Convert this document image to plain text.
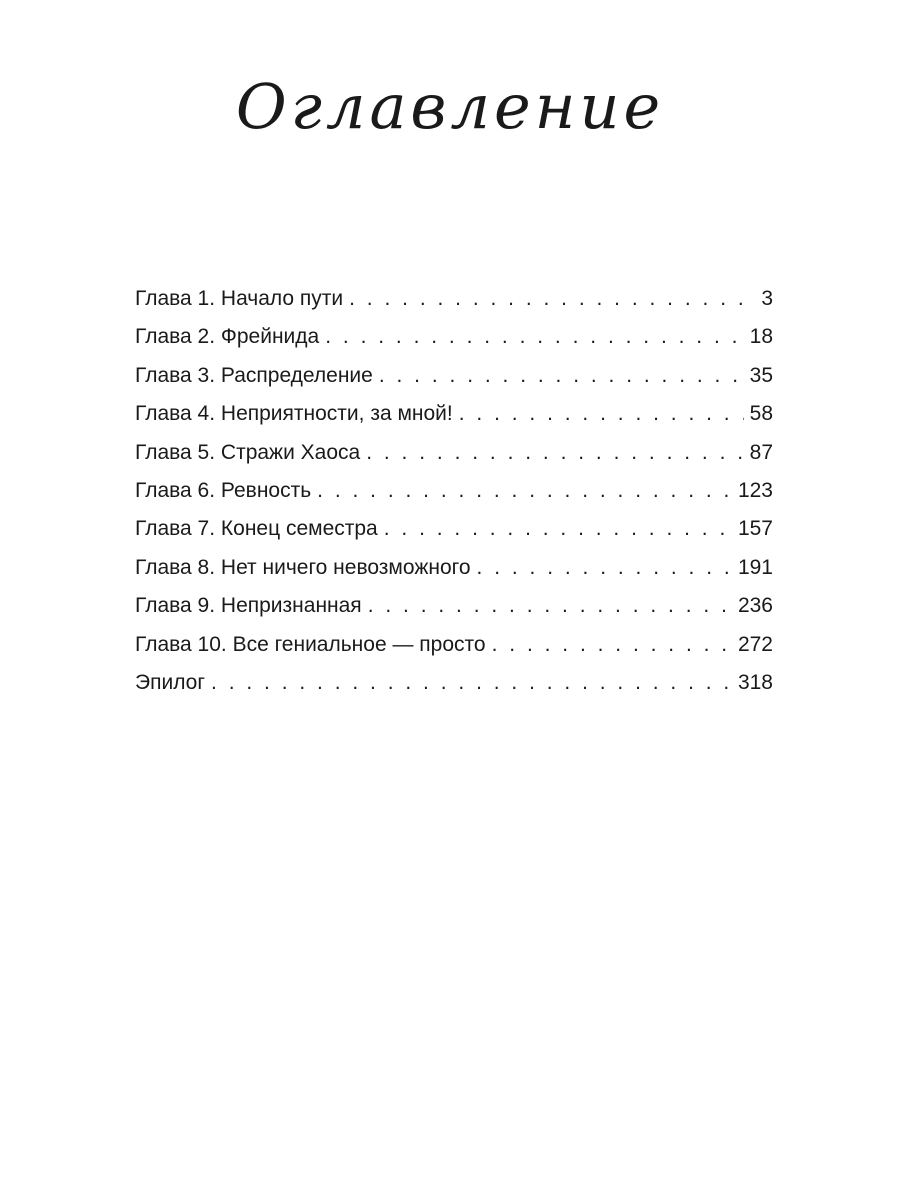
Оглавление
Глава 1. Начало пути . . .	3
Глава 2. Фрейнида . . .	18
Глава 3. Распределение . . .	35
Глава 4. Неприятности, за мной! . . .	58
Глава 5. Стражи Хаоса . . .	87
Глава 6. Ревность . . .	123
Глава 7. Конец семестра . . .	157
Глава 8. Нет ничего невозможного . . .	191
Глава 9. Непризнанная . . .	236
Глава 10. Все гениальное — просто . . .	272
Эпилог . . .	318
